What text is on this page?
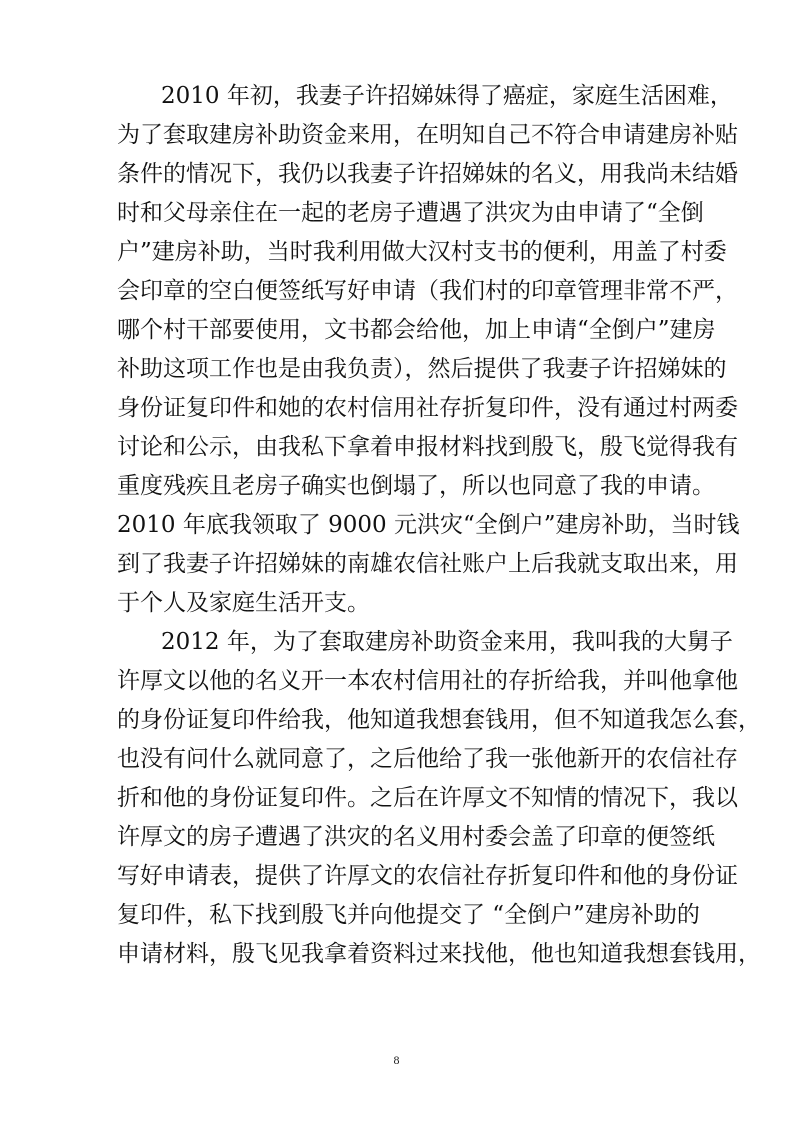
2010 年初，我妻子许招娣妹得了癌症，家庭生活困难，
为了套取建房补助资金来用，在明知自己不符合申请建房补贴
条件的情况下，我仍以我妻子许招娣妹的名义，用我尚未结婚
时和父母亲住在一起的老房子遭遇了洪灾为由申请了“全倒
户”建房补助，当时我利用做大汉村支书的便利，用盖了村委
会印章的空白便签纸写好申请（我们村的印章管理非常不严，
哪个村干部要使用，文书都会给他，加上申请“全倒户”建房
补助这项工作也是由我负责），然后提供了我妻子许招娣妹的
身份证复印件和她的农村信用社存折复印件，没有通过村两委
讨论和公示，由我私下拿着申报材料找到殷飞，殷飞觉得我有
重度残疾且老房子确实也倒塌了，所以也同意了我的申请。
2010 年底我领取了 9000 元洪灾“全倒户”建房补助，当时钱
到了我妻子许招娣妹的南雄农信社账户上后我就支取出来，用
于个人及家庭生活开支。
2012 年，为了套取建房补助资金来用，我叫我的大舅子
许厚文以他的名义开一本农村信用社的存折给我，并叫他拿他
的身份证复印件给我，他知道我想套钱用，但不知道我怎么套，
也没有问什么就同意了，之后他给了我一张他新开的农信社存
折和他的身份证复印件。之后在许厚文不知情的情况下，我以
许厚文的房子遭遇了洪灾的名义用村委会盖了印章的便签纸
写好申请表，提供了许厚文的农信社存折复印件和他的身份证
复印件，私下找到殷飞并向他提交了 “全倒户”建房补助的
申请材料，殷飞见我拿着资料过来找他，他也知道我想套钱用，
8
